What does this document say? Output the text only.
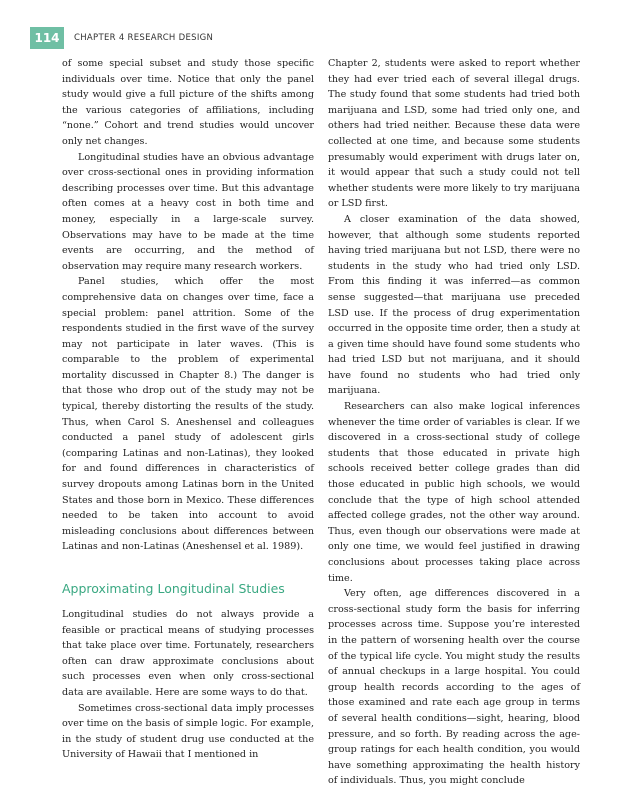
114	CHAPTER 4 RESEARCH DESIGN

of some special subset and study those specific individuals over time. Notice that only the panel study would give a full picture of the shifts among the various categories of affiliations, including “none.” Cohort and trend studies would uncover only net changes.

Longitudinal studies have an obvious advantage over cross-sectional ones in providing information describing processes over time. But this advantage often comes at a heavy cost in both time and money, especially in a large-scale survey. Observations may have to be made at the time events are occurring, and the method of observation may require many research workers.

Panel studies, which offer the most comprehensive data on changes over time, face a special problem: panel attrition. Some of the respondents studied in the first wave of the survey may not participate in later waves. (This is comparable to the problem of experimental mortality discussed in Chapter 8.) The danger is that those who drop out of the study may not be typical, thereby distorting the results of the study. Thus, when Carol S. Aneshensel and colleagues conducted a panel study of adolescent girls (comparing Latinas and non-Latinas), they looked for and found differences in characteristics of survey dropouts among Latinas born in the United States and those born in Mexico. These differences needed to be taken into account to avoid misleading conclusions about differences between Latinas and non-Latinas (Aneshensel et al. 1989).

Approximating Longitudinal Studies

Longitudinal studies do not always provide a feasible or practical means of studying processes that take place over time. Fortunately, researchers often can draw approximate conclusions about such processes even when only cross-sectional data are available. Here are some ways to do that.

Sometimes cross-sectional data imply processes over time on the basis of simple logic. For example, in the study of student drug use conducted at the University of Hawaii that I mentioned in

Chapter 2, students were asked to report whether they had ever tried each of several illegal drugs. The study found that some students had tried both marijuana and LSD, some had tried only one, and others had tried neither. Because these data were collected at one time, and because some students presumably would experiment with drugs later on, it would appear that such a study could not tell whether students were more likely to try marijuana or LSD first.

A closer examination of the data showed, however, that although some students reported having tried marijuana but not LSD, there were no students in the study who had tried only LSD. From this finding it was inferred—as common sense suggested—that marijuana use preceded LSD use. If the process of drug experimentation occurred in the opposite time order, then a study at a given time should have found some students who had tried LSD but not marijuana, and it should have found no students who had tried only marijuana.

Researchers can also make logical inferences whenever the time order of variables is clear. If we discovered in a cross-sectional study of college students that those educated in private high schools received better college grades than did those educated in public high schools, we would conclude that the type of high school attended affected college grades, not the other way around. Thus, even though our observations were made at only one time, we would feel justified in drawing conclusions about processes taking place across time.

Very often, age differences discovered in a cross-sectional study form the basis for inferring processes across time. Suppose you’re interested in the pattern of worsening health over the course of the typical life cycle. You might study the results of annual checkups in a large hospital. You could group health records according to the ages of those examined and rate each age group in terms of several health conditions—sight, hearing, blood pressure, and so forth. By reading across the age-group ratings for each health condition, you would have something approximating the health history of individuals. Thus, you might conclude
